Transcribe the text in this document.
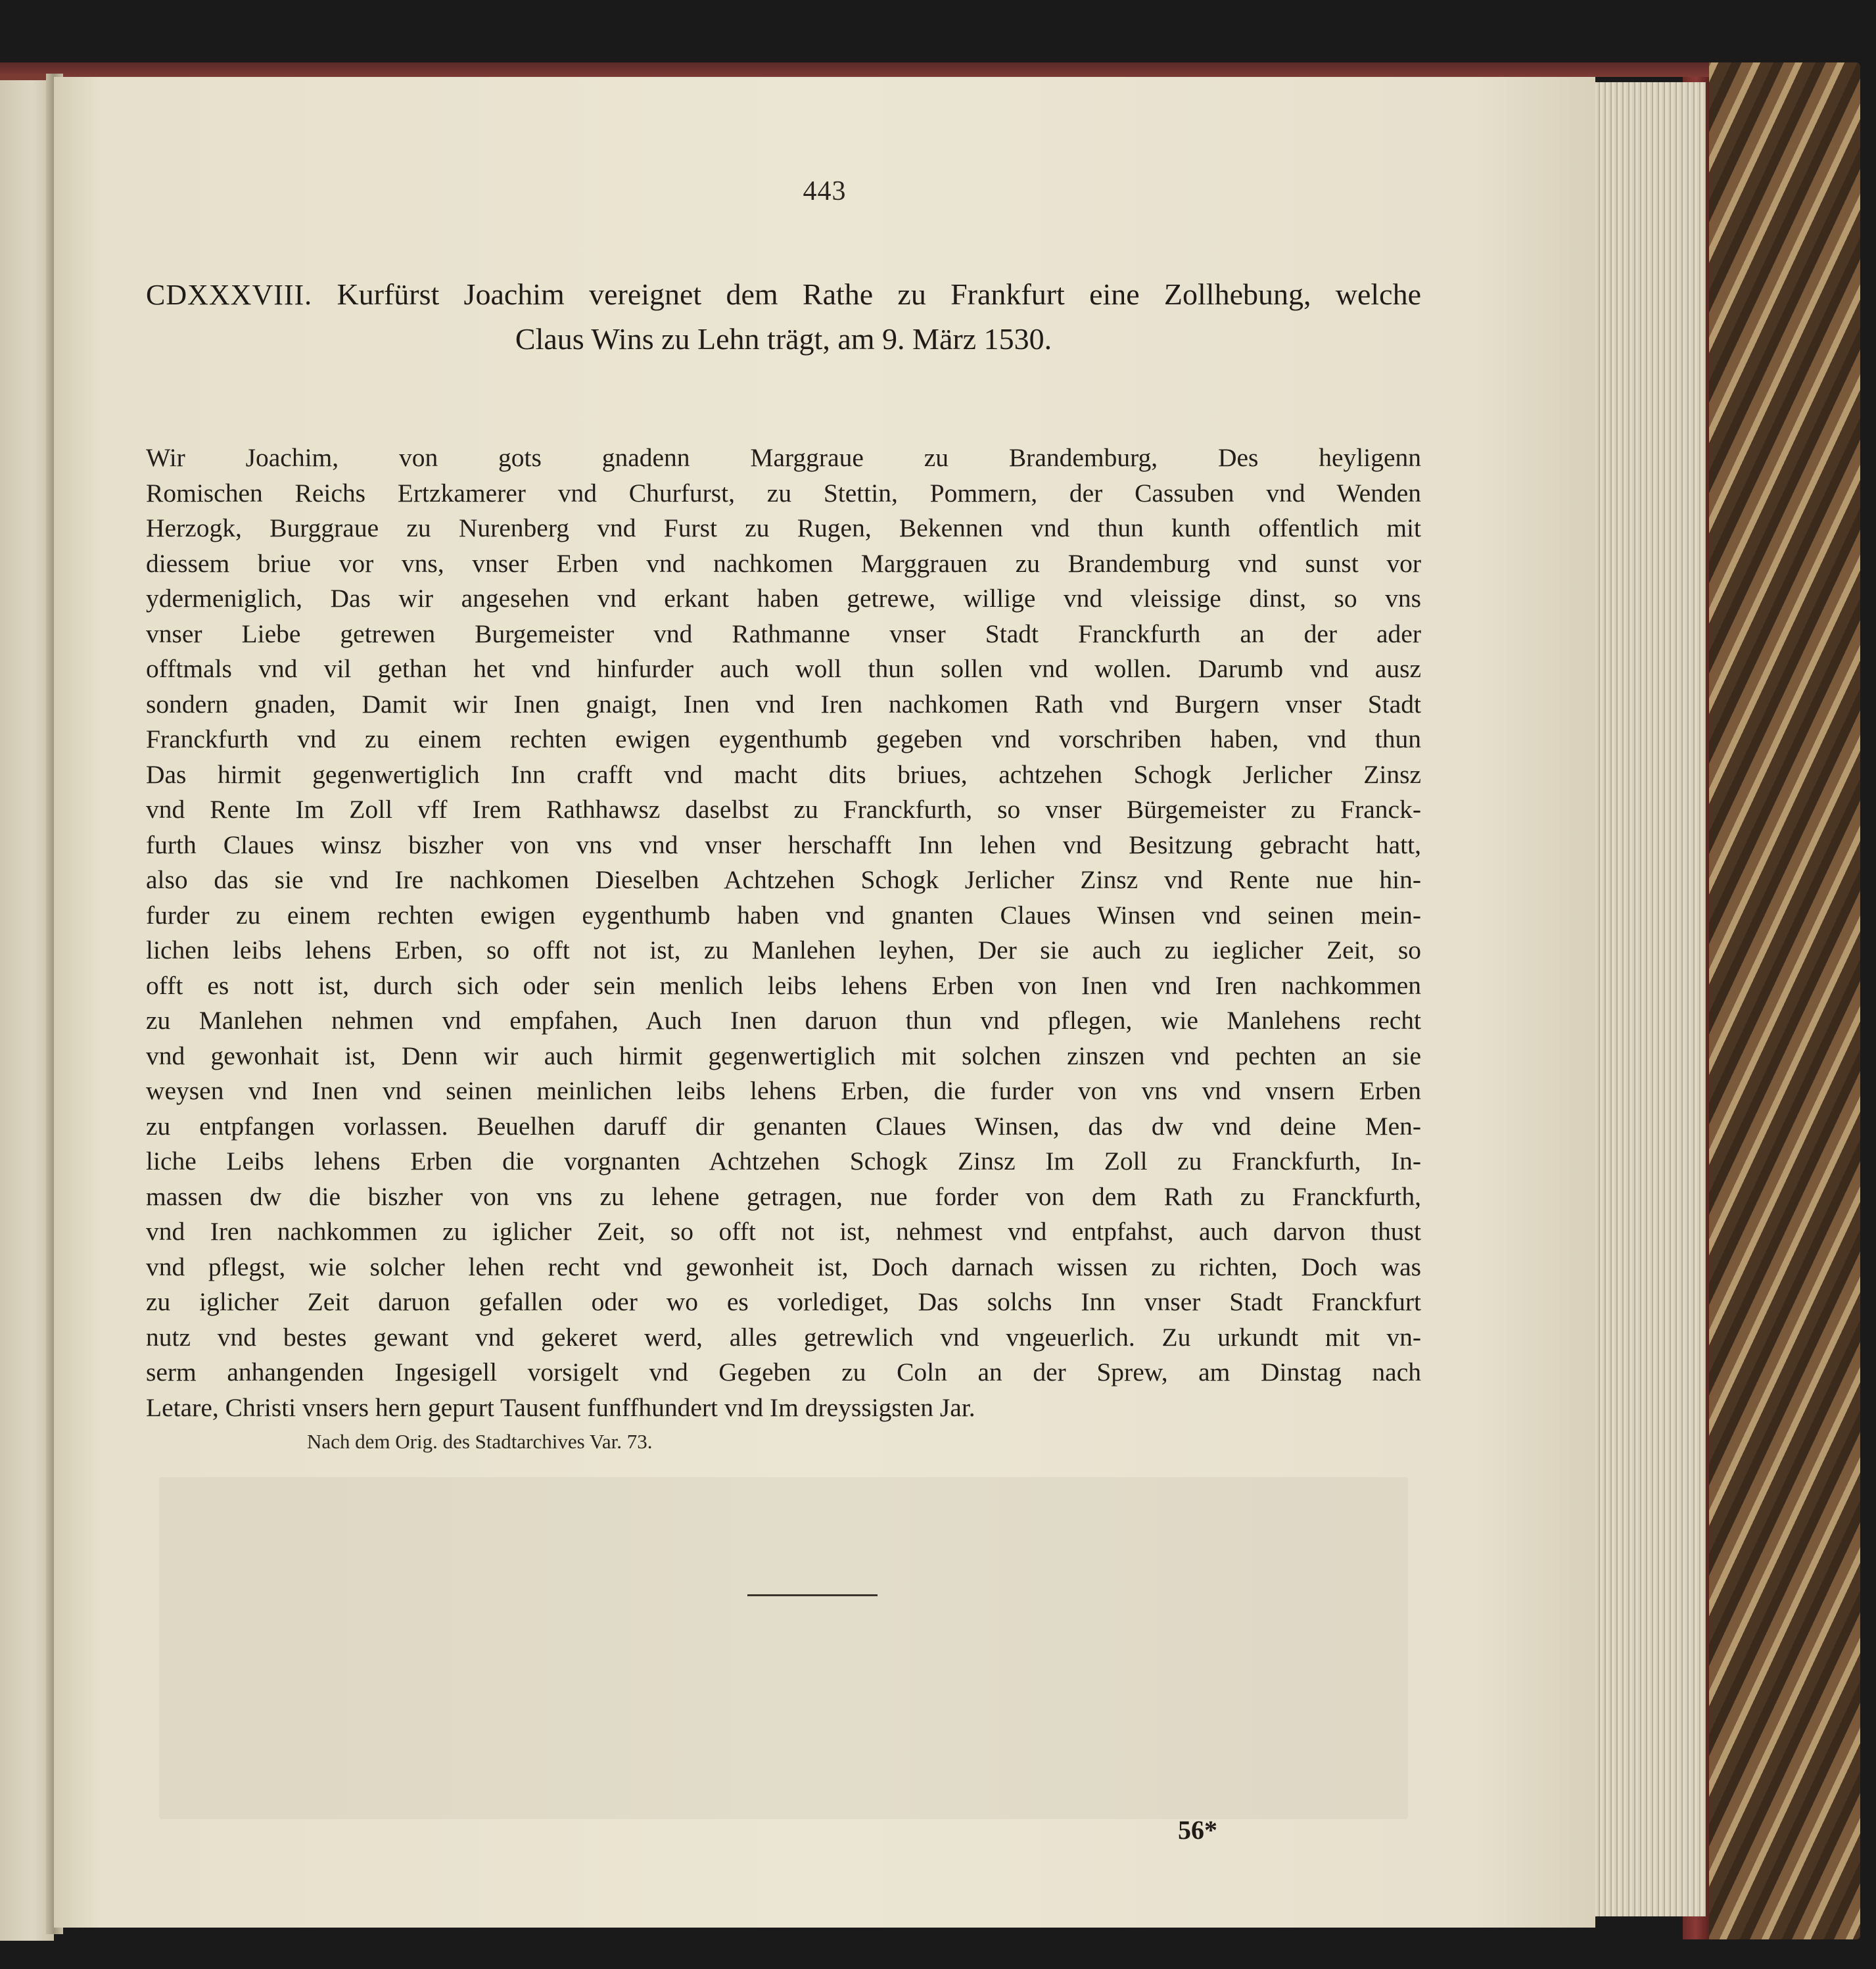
443
CDXXXVIII. Kurfürst Joachim vereignet dem Rathe zu Frankfurt eine Zollhebung, welche
Claus Wins zu Lehn trägt, am 9. März 1530.
Wir Joachim, von gots gnadenn Marggraue zu Brandemburg, Des heyligenn
Romischen Reichs Ertzkamerer vnd Churfurst, zu Stettin, Pommern, der Cassuben vnd Wenden
Herzogk, Burggraue zu Nurenberg vnd Furst zu Rugen, Bekennen vnd thun kunth offentlich mit
diessem briue vor vns, vnser Erben vnd nachkomen Marggrauen zu Brandemburg vnd sunst vor
ydermeniglich, Das wir angesehen vnd erkant haben getrewe, willige vnd vleissige dinst, so vns
vnser Liebe getrewen Burgemeister vnd Rathmanne vnser Stadt Franckfurth an der ader
offtmals vnd vil gethan het vnd hinfurder auch woll thun sollen vnd wollen. Darumb vnd ausz
sondern gnaden, Damit wir Inen gnaigt, Inen vnd Iren nachkomen Rath vnd Burgern vnser Stadt
Franckfurth vnd zu einem rechten ewigen eygenthumb gegeben vnd vorschriben haben, vnd thun
Das hirmit gegenwertiglich Inn crafft vnd macht dits briues, achtzehen Schogk Jerlicher Zinsz
vnd Rente Im Zoll vff Irem Rathhawsz daselbst zu Franckfurth, so vnser Bürgemeister zu Franck-
furth Claues winsz biszher von vns vnd vnser herschafft Inn lehen vnd Besitzung gebracht hatt,
also das sie vnd Ire nachkomen Dieselben Achtzehen Schogk Jerlicher Zinsz vnd Rente nue hin-
furder zu einem rechten ewigen eygenthumb haben vnd gnanten Claues Winsen vnd seinen mein-
lichen leibs lehens Erben, so offt not ist, zu Manlehen leyhen, Der sie auch zu ieglicher Zeit, so
offt es nott ist, durch sich oder sein menlich leibs lehens Erben von Inen vnd Iren nachkommen
zu Manlehen nehmen vnd empfahen, Auch Inen daruon thun vnd pflegen, wie Manlehens recht
vnd gewonhait ist, Denn wir auch hirmit gegenwertiglich mit solchen zinszen vnd pechten an sie
weysen vnd Inen vnd seinen meinlichen leibs lehens Erben, die furder von vns vnd vnsern Erben
zu entpfangen vorlassen. Beuelhen daruff dir genanten Claues Winsen, das dw vnd deine Men-
liche Leibs lehens Erben die vorgnanten Achtzehen Schogk Zinsz Im Zoll zu Franckfurth, In-
massen dw die biszher von vns zu lehene getragen, nue forder von dem Rath zu Franckfurth,
vnd Iren nachkommen zu iglicher Zeit, so offt not ist, nehmest vnd entpfahst, auch darvon thust
vnd pflegst, wie solcher lehen recht vnd gewonheit ist, Doch darnach wissen zu richten, Doch was
zu iglicher Zeit daruon gefallen oder wo es vorlediget, Das solchs Inn vnser Stadt Franckfurt
nutz vnd bestes gewant vnd gekeret werd, alles getrewlich vnd vngeuerlich. Zu urkundt mit vn-
serm anhangenden Ingesigell vorsigelt vnd Gegeben zu Coln an der Sprew, am Dinstag nach
Letare, Christi vnsers hern gepurt Tausent funffhundert vnd Im dreyssigsten Jar.
Nach dem Orig. des Stadtarchives Var. 73.
56*
